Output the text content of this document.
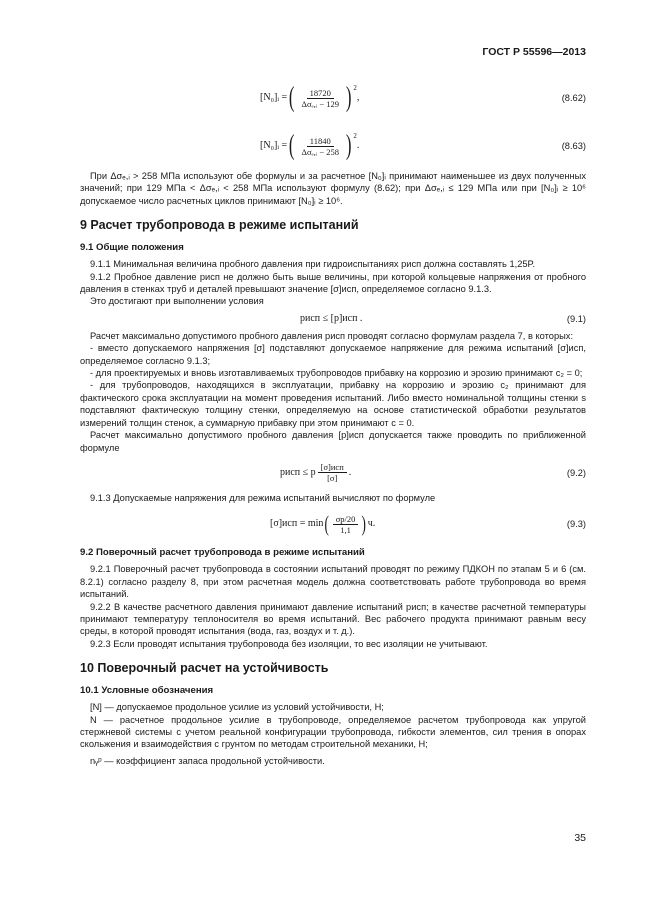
ГОСТ Р 55596—2013
[N₀]ᵢ = ( $\frac{18720}{\text{Δσₑ,ᵢ − 129}}$ ) $^2$
,	(8.62)
[N₀]ᵢ = ( $\frac{11840}{\text{Δσₑ,ᵢ − 258}}$ ) $^2$
.	(8.63)

При Δσₑ,ᵢ > 258 МПа используют обе формулы и за расчетное [N₀]ᵢ принимают наименьшее из двух полученных значений; при 129 МПа < Δσₑ,ᵢ < 258 МПа используют формулу (8.62); при Δσₑ,ᵢ ≤ 129 МПа или при [N₀]ᵢ ≥ 10⁶ допускаемое число расчетных циклов принимают [N₀]ᵢ ≥ 10⁶.

9 Расчет трубопровода в режиме испытаний
9.1 Общие положения

9.1.1 Минимальная величина пробного давления при гидроиспытаниях pисп должна составлять 1,25P.

9.1.2 Пробное давление pисп не должно быть выше величины, при которой кольцевые напряжения от пробного давления в стенках труб и деталей превышают значение [σ]исп, определяемое согласно 9.1.3.

Это достигают при выполнении условия

pисп ≤ [p]исп .	(9.1)

Расчет максимально допустимого пробного давления pисп проводят согласно формулам раздела 7, в которых:

- вместо допускаемого напряжения [σ] подставляют допускаемое напряжение для режима испытаний [σ]исп, определяемое согласно 9.1.3;

- для проектируемых и вновь изготавливаемых трубопроводов прибавку на коррозию и эрозию принимают c₂ = 0;

- для трубопроводов, находящихся в эксплуатации, прибавку на коррозию и эрозию c₂ принимают для фактического срока эксплуатации на момент проведения испытаний. Либо вместо номинальной толщины стенки s подставляют фактическую толщину стенки, определяемую на основе статистической обработки результатов измерений толщин стенок, а суммарную прибавку при этом принимают c = 0.

Расчет максимально допустимого пробного давления [p]исп допускается также проводить по приближенной формуле

pисп ≤ p $\frac{\text{[σ]исп}}{[\sigma]}$ .	(9.2)

9.1.3 Допускаемые напряжения для режима испытаний вычисляют по формуле

[σ]исп = min ( $\frac{\sigma p/20}{1,1}$ ) ч.	(9.3)
9.2 Поверочный расчет трубопровода в режиме испытаний

9.2.1 Поверочный расчет трубопровода в состоянии испытаний проводят по режиму ПДКОН по этапам 5 и 6 (см. 8.2.1) согласно разделу 8, при этом расчетная модель должна соответствовать работе трубопровода во время испытаний.

9.2.2 В качестве расчетного давления принимают давление испытаний pисп; в качестве расчетной температуры принимают температуру теплоносителя во время испытаний. Вес рабочего продукта принимают равным весу среды, в которой проводят испытания (вода, газ, воздух и т. д.).

9.2.3 Если проводят испытания трубопровода без изоляции, то вес изоляции не учитывают.

10 Поверочный расчет на устойчивость
10.1 Условные обозначения

[N] — допускаемое продольное усилие из условий устойчивости, Н;

N — расчетное продольное усилие в трубопроводе, определяемое расчетом трубопровода как упругой стержневой системы с учетом реальной конфигурации трубопровода, гибкости элементов, сил трения в опорах скольжения и взаимодействия с грунтом по методам строительной механики, Н;

nᵧᵖ — коэффициент запаса продольной устойчивости.

35
